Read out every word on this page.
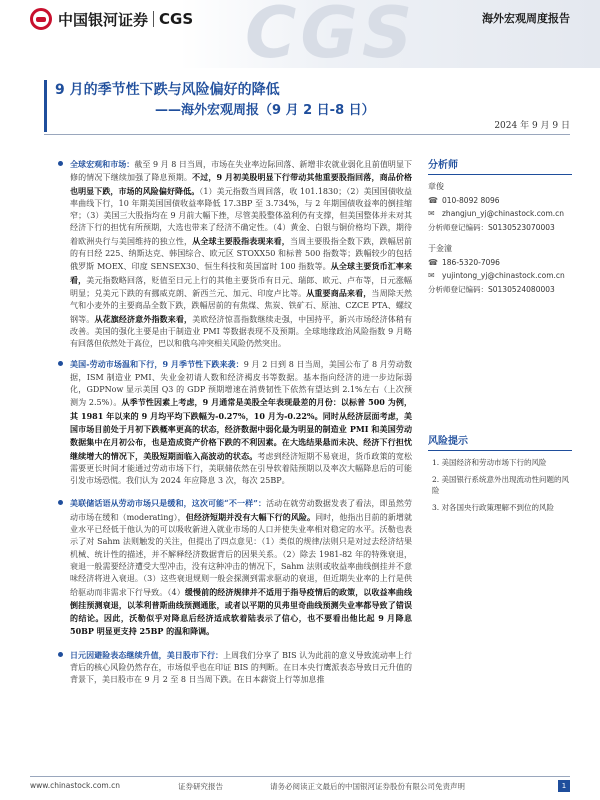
CGS
中国银河证券 CGS	海外宏观周度报告
9 月的季节性下跌与风险偏好的降低
——海外宏观周报（9 月 2 日-8 日）
2024 年 9 月 9 日
全球宏观和市场：截至 9 月 8 日当周，市场在失业率边际回落、新增非农就业弱化且前值明显下修的情况下继续加强了降息预期。不过，9 月初美股明显下行带动其他重要股指回落，商品价格也明显下跌，市场的风险偏好降低。（1）美元指数当周回落，收 101.1830；（2）美国国债收益率曲线下行，10 年期美国国债收益率降低 17.3BP 至 3.734%，与 2 年期国债收益率的倒挂缩窄；（3）美国三大股指均在 9 月前大幅下挫，尽管美股整体盈利仍有支撑，但美国整体并未对其经济下行的担忧有所预期，大选也带来了经济不确定性。（4）黄金、白银与铜价格均下跌，期待着欧洲央行与美国维持的独立性，从全球主要股指表现来看，当周主要股指全数下跌，跌幅居前的有日经 225、纳斯达克、韩国综合、欧元区 STOXX50 和标普 500 指数等；跌幅较少的包括俄罗斯 MOEX、印度 SENSEX30、恒生科技和英国富时 100 指数等。从全球主要货币汇率来看，美元指数略回落，贬值至日元上行的其他主要货币有日元、瑞郎、欧元、卢布等，日元涨幅明显；兑美元下跌的有挪威克朗、新西兰元、加元、印度卢比等。从重要商品来看，当周除天然气和小麦外的主要商品全数下跌，跌幅居前的有焦煤、焦炭、铁矿石、原油、CZCE PTA、螺纹钢等。从花旗经济意外指数来看，美欧经济惊喜指数继续走强，中国持平，新兴市场经济体稍有改善。美国的强化主要是由于制造业 PMI 等数据表现不及预期。全球地缘政治风险指数 9 月略有回落但依然处于高位，巴以和俄乌冲突相关风险仍然突出。
美国-劳动市场温和下行，9 月季节性下跌来袭：9 月 2 日到 8 日当周，美国公布了 8 月劳动数据，ISM 制造业 PMI、失业金初请人数和经济褐皮书等数据。基本指向经济的进一步边际弱化，GDPNow 显示美国 Q3 的 GDP 预期增速在消费韧性下依然有望达到 2.1%左右（上次预测为 2.5%）。从季节性因素上考虑，9 月通常是美股全年表现最差的月份：以标普 500 为例，其 1981 年以来的 9 月均平均下跌幅为-0.27%，10 月为-0.22%。同时从经济层面考虑，美国市场目前处于月初下跌概率更高的状态，经济数据中弱化最为明显的制造业 PMI 和美国劳动数据集中在月初公布，也是造成资产价格下跌的不利因素。在大选结果悬而未决、经济下行担忧继续增大的情况下，美股短期面临入高波动的状态。考虑到经济短期不易衰退，货币政策的宽松需要更长时间才能通过劳动市场下行，美联储依然在引导软着陆预期以及率次大幅降息后的可能引发市场恐慌。我们认为 2024 年应降息 3 次，每次 25BP。
美联储话语从劳动市场只是缓和，这次可能“不一样”：活动在就劳动数据发表了看法，即虽然劳动市场在缓和（moderating），但经济短期并没有大幅下行的风险。同时，他指出目前的新增就业水平已经低于他认为的可以吸收新进入就业市场的人口并使失业率相对稳定的水平。沃勒也表示了对 Sahm 法则触发的关注，但提出了四点意见：（1）类似的规律/法则只是对过去经济结果机械、统计性的描述，并不解释经济数据背后的因果关系。（2）除去 1981-82 年的特殊衰退，衰退一般需要经济遭受大型冲击，没有这种冲击的情况下，Sahm 法则或收益率曲线倒挂并不意味经济将进入衰退。（3）这些衰退规则一般会探测到需求驱动的衰退，但近期失业率的上行是供给驱动而非需求下行导致。（4）缓慢前的经济规律并不适用于指导疫情后的政策，以收益率曲线倒挂预测衰退，以苯利普斯曲线预测通胀，或者以平期的贝弗里奇曲线预测失业率都导致了错误的结论。因此，沃勒似乎对降息后经济适成软着陆表示了信心，也不要看出他比起 9 月降息 50BP 明显更支持 25BP 的温和降调。
日元因避险表态继续升值，美日股市下行：上周我们分享了 BIS 认为此前的意义导致流动率上行背后的核心风险仍然存在，市场似乎也在印证 BIS 的判断。在日本央行鹰派表态导致日元升值的背景下，美日股市在 9 月 2 至 8 日当周下跌。在日本薪资上行等加息推
分析师
章俊
☎ 010-8092 8096
✉ zhangjun_yj@chinastock.com.cn
分析师登记编码：S0130523070003
于金潼
☎ 186-5320-7096
✉ yujintong_yj@chinastock.com.cn
分析师登记编码：S0130524080003
风险提示
1. 美国经济和劳动市场下行的风险
2. 美国银行系统意外出现流动性问题的风险
3. 对各国央行政策理解不到位的风险
www.chinastock.com.cn	证券研究报告	请务必阅读正文最后的中国银河证券股份有限公司免责声明	1
